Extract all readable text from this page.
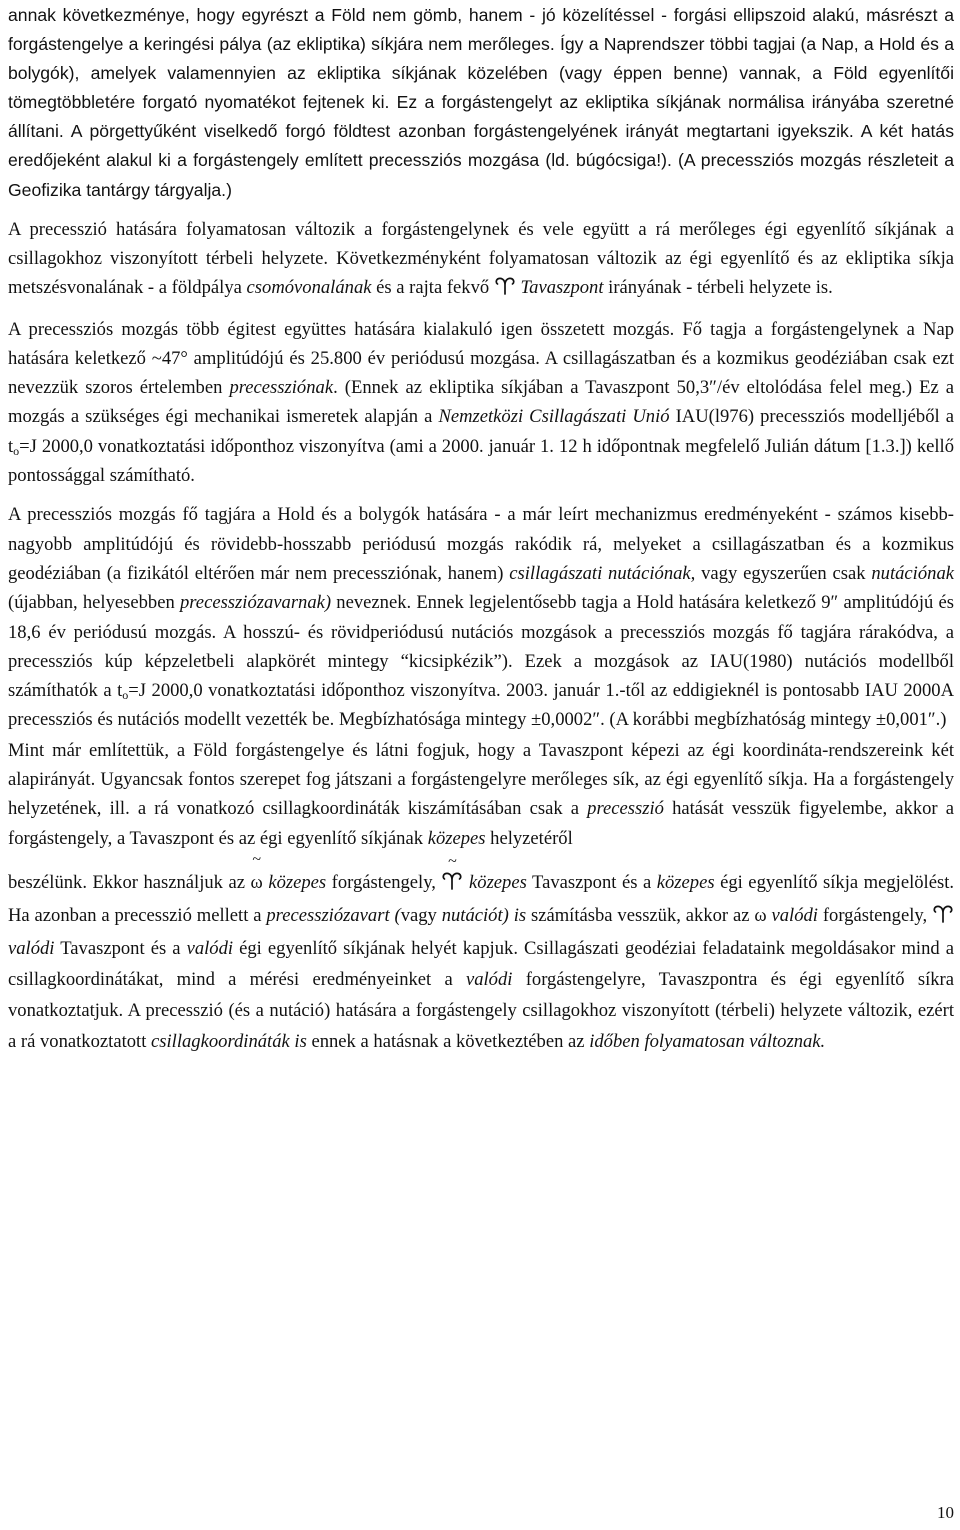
annak következménye, hogy egyrészt a Föld nem gömb, hanem - jó közelítéssel - forgási ellipszoid alakú, másrészt a forgástengelye a keringési pálya (az ekliptika) síkjára nem merőleges. Így a Naprendszer többi tagjai (a Nap, a Hold és a bolygók), amelyek valamennyien az ekliptika síkjának közelében (vagy éppen benne) vannak, a Föld egyenlítői tömegtöbbletére forgató nyomatékot fejtenek ki. Ez a forgástengelyt az ekliptika síkjának normálisa irányába szeretné állítani. A pörgettyűként viselkedő forgó földtest azonban forgástengelyének irányát megtartani igyekszik. A két hatás eredőjeként alakul ki a forgástengely említett precessziós mozgása (ld. búgócsiga!). (A precessziós mozgás részleteit a Geofizika tantárgy tárgyalja.)

A precesszió hatására folyamatosan változik a forgástengelynek és vele együtt a rá merőleges égi egyenlítő síkjának a csillagokhoz viszonyított térbeli helyzete. Következményként folyamatosan változik az égi egyenlítő és az ekliptika síkja metszésvonalának - a földpálya csomóvonalának és a rajta fekvő  Tavaszpont irányának - térbeli helyzete is.

A precessziós mozgás több égitest együttes hatására kialakuló igen összetett mozgás. Fő tagja a forgástengelynek a Nap hatására keletkező ~47° amplitúdójú és 25.800 év periódusú mozgása. A csillagászatban és a kozmikus geodéziában csak ezt nevezzük szoros értelemben precessziónak. (Ennek az ekliptika síkjában a Tavaszpont 50,3″/év eltolódása felel meg.) Ez a mozgás a szükséges égi mechanikai ismeretek alapján a Nemzetközi Csillagászati Unió IAU(l976) precessziós modelljéből a $t_o=J$ 2000,0 vonatkoztatási időponthoz viszonyítva (ami a 2000. január 1. 12 h időpontnak megfelelő Julián dátum [1.3.]) kellő pontossággal számítható.

A precessziós mozgás fő tagjára a Hold és a bolygók hatására - a már leírt mechanizmus eredményeként - számos kisebb-nagyobb amplitúdójú és rövidebb-hosszabb periódusú mozgás rakódik rá, melyeket a csillagászatban és a kozmikus geodéziában (a fizikától eltérően már nem precessziónak, hanem) csillagászati nutációnak, vagy egyszerűen csak nutációnak (újabban, helyesebben precessziózavarnak) neveznek. Ennek legjelentősebb tagja a Hold hatására keletkező 9″ amplitúdójú és 18,6 év periódusú mozgás. A hosszú- és rövidperiódusú nutációs mozgások a precessziós mozgás fő tagjára rárakódva, a precessziós kúp képzeletbeli alapkörét mintegy “kicsipkézik”). Ezek a mozgások az IAU(1980) nutációs modellből számíthatók a $t_o=J$ 2000,0 vonatkoztatási időponthoz viszonyítva. 2003. január 1.-től az eddigieknél is pontosabb IAU 2000A precessziós és nutációs modellt vezették be. Megbízhatósága mintegy ±0,0002″. (A korábbi megbízhatóság mintegy ±0,001″.)

Mint már említettük, a Föld forgástengelye és látni fogjuk, hogy a Tavaszpont képezi az égi koordináta-rendszereink két alapirányát. Ugyancsak fontos szerepet fog játszani a forgástengelyre merőleges sík, az égi egyenlítő síkja. Ha a forgástengely helyzetének, ill. a rá vonatkozó csillagkoordináták kiszámításában csak a precesszió hatását vesszük figyelembe, akkor a forgástengely, a Tavaszpont és az égi egyenlítő síkjának közepes helyzetéről

beszélünk. Ekkor használjuk az ~ ω közepes forgástengely, ~  közepes Tavaszpont és a közepes égi egyenlítő síkja megjelölést. Ha azonban a precesszió mellett a precessziózavart (vagy nutációt) is számításba vesszük, akkor az ω valódi forgástengely,  valódi Tavaszpont és a valódi égi egyenlítő síkjának helyét kapjuk. Csillagászati geodéziai feladataink megoldásakor mind a csillagkoordinátákat, mind a mérési eredményeinket a valódi forgástengelyre, Tavaszpontra és égi egyenlítő síkra vonatkoztatjuk. A precesszió (és a nutáció) hatására a forgástengely csillagokhoz viszonyított (térbeli) helyzete változik, ezért a rá vonatkoztatott csillagkoordináták is ennek a hatásnak a következtében az időben folyamatosan változnak.

10
